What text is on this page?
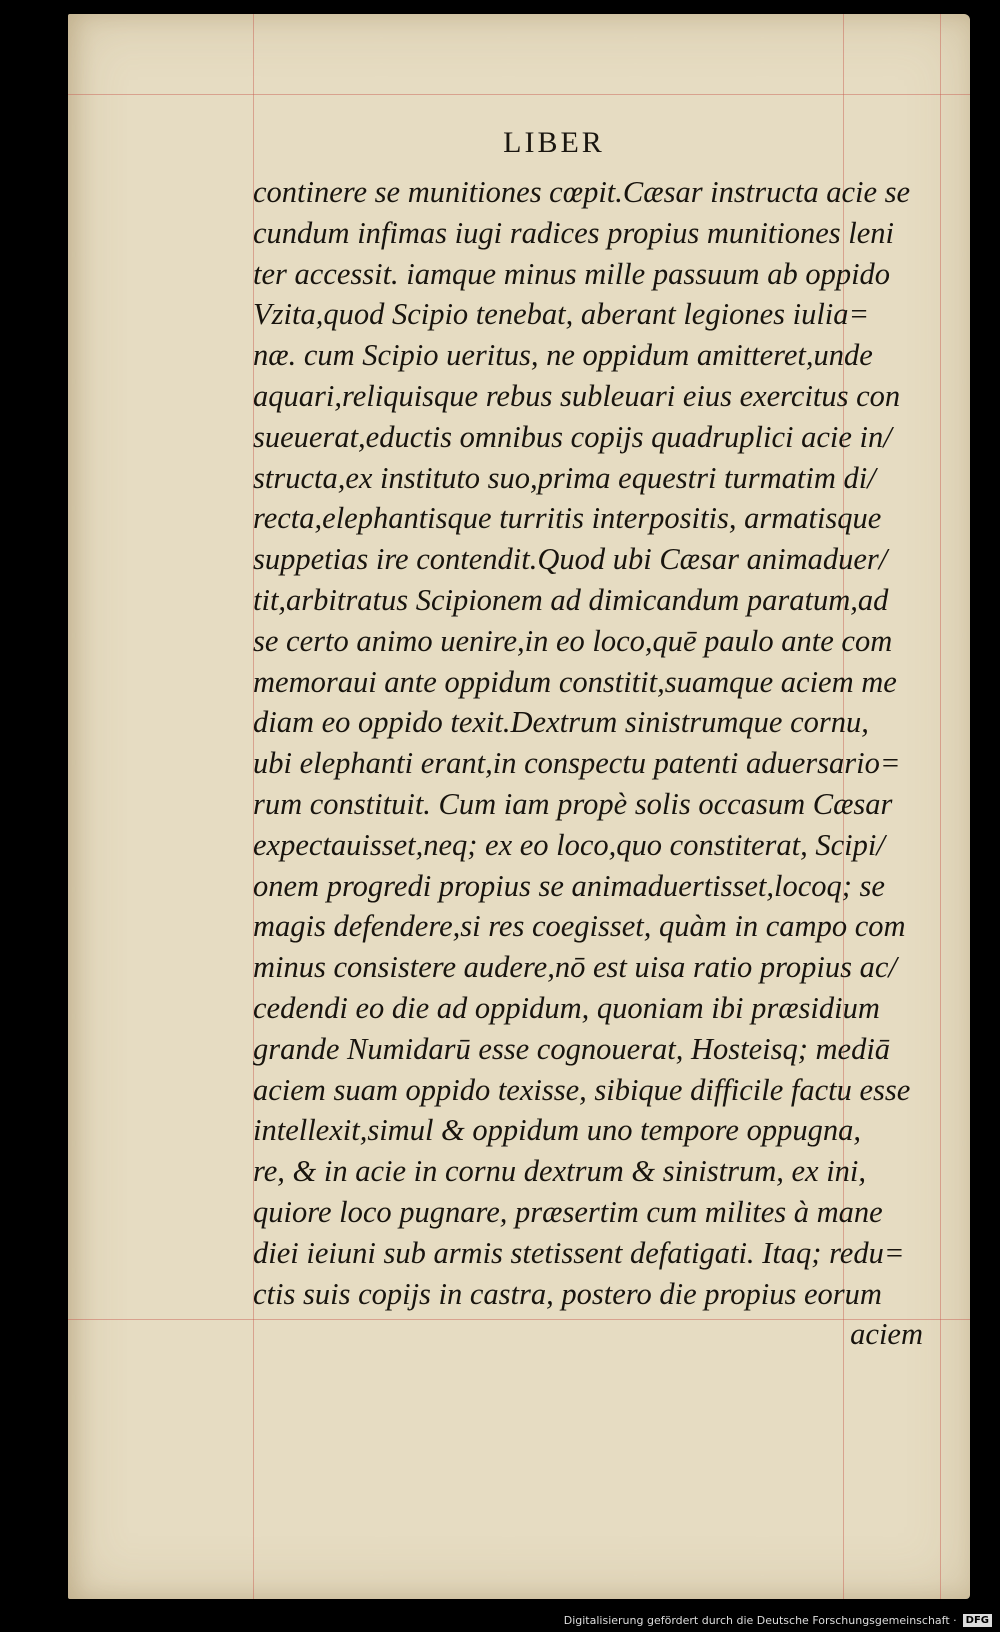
LIBER
continere se munitiones cœpit.Cæsar instructa acie se
cundum infimas iugi radices propius munitiones leni
ter accessit. iamque minus mille passuum ab oppido
Vzita,quod Scipio tenebat, aberant legiones iulia=
næ. cum Scipio ueritus, ne oppidum amitteret,unde
aquari,reliquisque rebus subleuari eius exercitus con
sueuerat,eductis omnibus copijs quadruplici acie in/
structa,ex instituto suo,prima equestri turmatim di/
recta,elephantisque turritis interpositis, armatisque
suppetias ire contendit.Quod ubi Cæsar animaduer/
tit,arbitratus Scipionem ad dimicandum paratum,ad
se certo animo uenire,in eo loco,quē paulo ante com
memoraui ante oppidum constitit,suamque aciem me
diam eo oppido texit.Dextrum sinistrumque cornu,
ubi elephanti erant,in conspectu patenti aduersario=
rum constituit. Cum iam propè solis occasum Cæsar
expectauisset,neq; ex eo loco,quo constiterat, Scipi/
onem progredi propius se animaduertisset,locoq; se
magis defendere,si res coegisset, quàm in campo com
minus consistere audere,nō est uisa ratio propius ac/
cedendi eo die ad oppidum, quoniam ibi præsidium
grande Numidarū esse cognouerat, Hosteisq; mediā
aciem suam oppido texisse, sibique difficile factu esse
intellexit,simul & oppidum uno tempore oppugna,
re, & in acie in cornu dextrum & sinistrum, ex ini,
quiore loco pugnare, præsertim cum milites à mane
diei ieiuni sub armis stetissent defatigati. Itaq; redu=
ctis suis copijs in castra, postero die propius eorum
aciem
Digitalisierung gefördert durch die Deutsche Forschungsgemeinschaft · DFG
